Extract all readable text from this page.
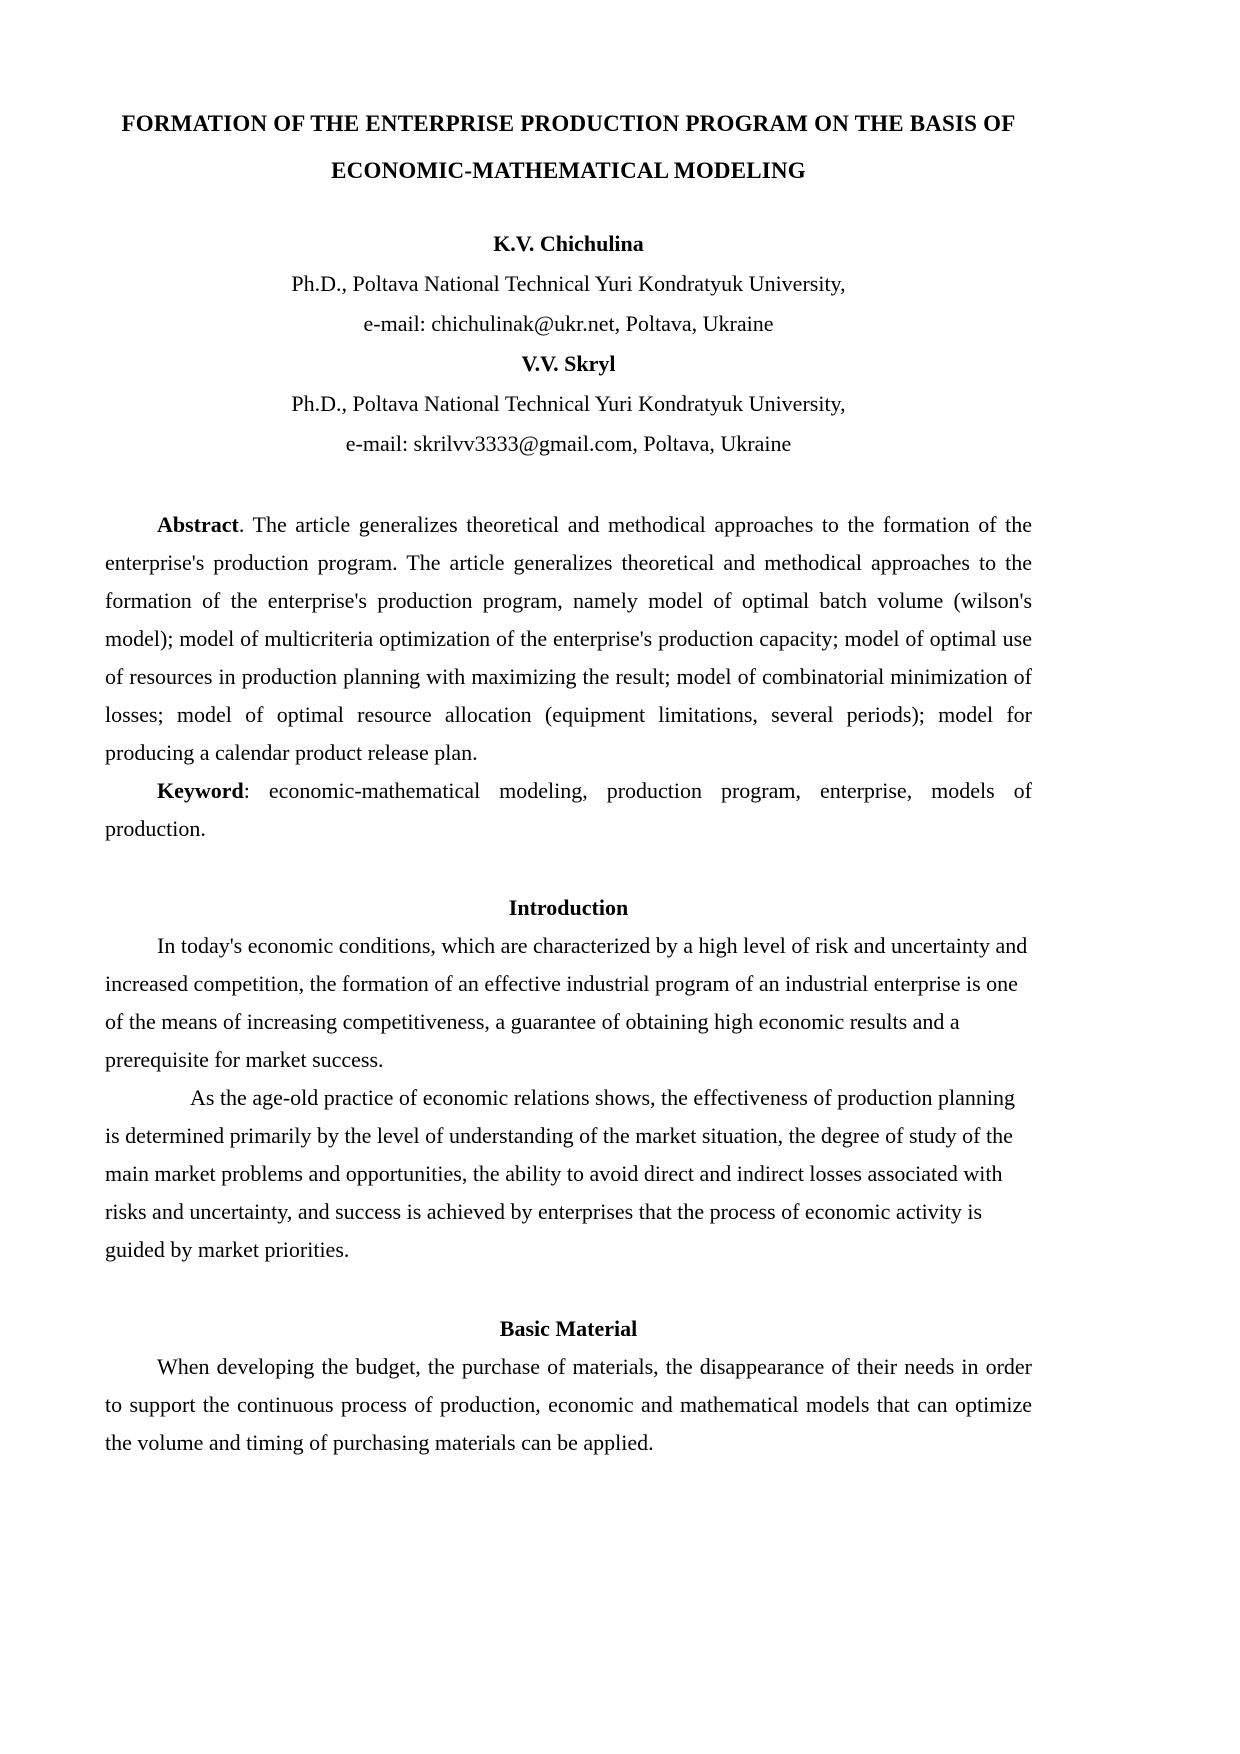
FORMATION OF THE ENTERPRISE PRODUCTION PROGRAM ON THE BASIS OF
ECONOMIC-MATHEMATICAL MODELING

K.V. Chichulina

Ph.D., Poltava National Technical Yuri Kondratyuk University,

e-mail: chichulinak@ukr.net, Poltava, Ukraine

V.V. Skryl

Ph.D., Poltava National Technical Yuri Kondratyuk University,

e-mail: skrilvv3333@gmail.com, Poltava, Ukraine

Abstract. The article generalizes theoretical and methodical approaches to the formation of the enterprise's production program. The article generalizes theoretical and methodical approaches to the formation of the enterprise's production program, namely model of optimal batch volume (wilson's model); model of multicriteria optimization of the enterprise's production capacity; model of optimal use of resources in production planning with maximizing the result; model of combinatorial minimization of losses; model of optimal resource allocation (equipment limitations, several periods); model for producing a calendar product release plan.

Keyword: economic-mathematical modeling, production program, enterprise, models of production.

Introduction

In today's economic conditions, which are characterized by a high level of risk and uncertainty and increased competition, the formation of an effective industrial program of an industrial enterprise is one of the means of increasing competitiveness, a guarantee of obtaining high economic results and a prerequisite for market success.

As the age-old practice of economic relations shows, the effectiveness of production planning is determined primarily by the level of understanding of the market situation, the degree of study of the main market problems and opportunities, the ability to avoid direct and indirect losses associated with risks and uncertainty, and success is achieved by enterprises that the process of economic activity is guided by market priorities.

Basic Material

When developing the budget, the purchase of materials, the disappearance of their needs in order to support the continuous process of production, economic and mathematical models that can optimize the volume and timing of purchasing materials can be applied.
